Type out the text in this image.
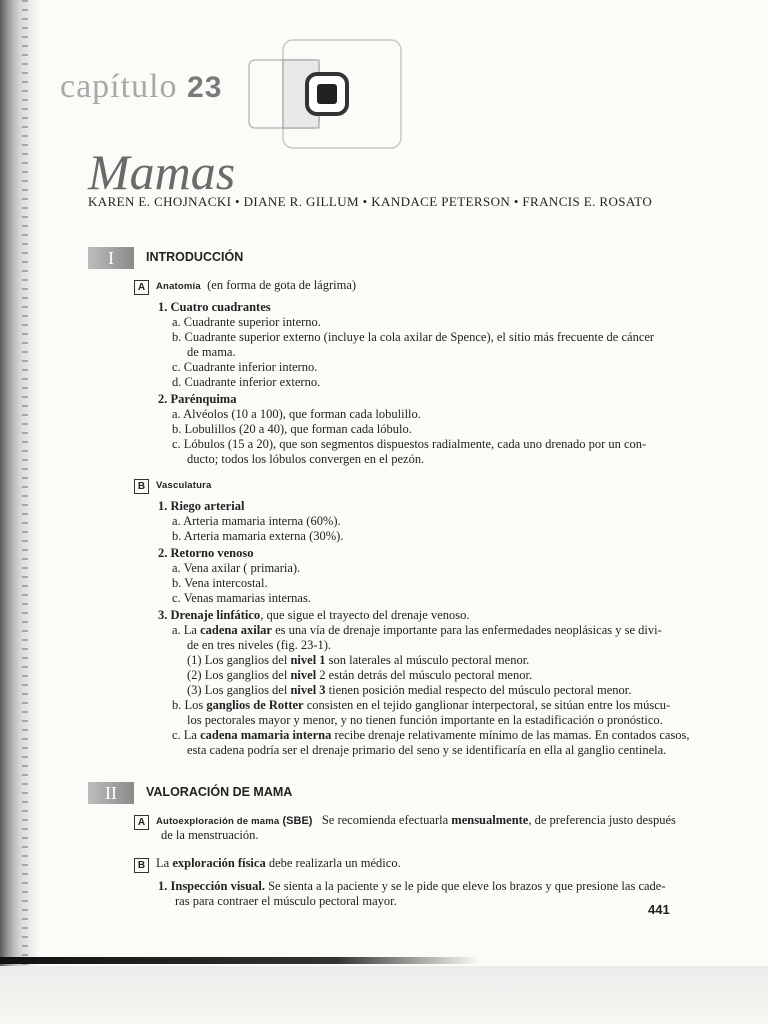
capítulo 23
Mamas
KAREN E. CHOJNACKI • DIANE R. GILLUM • KANDACE PETERSON • FRANCIS E. ROSATO
I	INTRODUCCIÓN
A Anatomía (en forma de gota de lágrima)
1. Cuatro cuadrantes
a. Cuadrante superior interno.
b. Cuadrante superior externo (incluye la cola axilar de Spence), el sitio más frecuente de cáncer
de mama.
c. Cuadrante inferior interno.
d. Cuadrante inferior externo.
2. Parénquima
a. Alvéolos (10 a 100), que forman cada lobulillo.
b. Lobulillos (20 a 40), que forman cada lóbulo.
c. Lóbulos (15 a 20), que son segmentos dispuestos radialmente, cada uno drenado por un con-
ducto; todos los lóbulos convergen en el pezón.
B Vasculatura
1. Riego arterial
a. Arteria mamaria interna (60%).
b. Arteria mamaria externa (30%).
2. Retorno venoso
a. Vena axilar ( primaria).
b. Vena intercostal.
c. Venas mamarias internas.
3. Drenaje linfático, que sigue el trayecto del drenaje venoso.
a. La cadena axilar es una vía de drenaje importante para las enfermedades neoplásicas y se divi-
de en tres niveles (fig. 23-1).
(1) Los ganglios del nivel 1 son laterales al músculo pectoral menor.
(2) Los ganglios del nivel 2 están detrás del músculo pectoral menor.
(3) Los ganglios del nivel 3 tienen posición medial respecto del músculo pectoral menor.
b. Los ganglios de Rotter consisten en el tejido ganglionar interpectoral, se sitúan entre los múscu-
los pectorales mayor y menor, y no tienen función importante en la estadificación o pronóstico.
c. La cadena mamaria interna recibe drenaje relativamente mínimo de las mamas. En contados casos,
esta cadena podría ser el drenaje primario del seno y se identificaría en ella al ganglio centinela.
II	VALORACIÓN DE MAMA
A Autoexploración de mama (SBE) Se recomienda efectuarla mensualmente, de preferencia justo después
de la menstruación.
B La exploración física debe realizarla un médico.
1. Inspección visual. Se sienta a la paciente y se le pide que eleve los brazos y que presione las cade-
ras para contraer el músculo pectoral mayor.
441
